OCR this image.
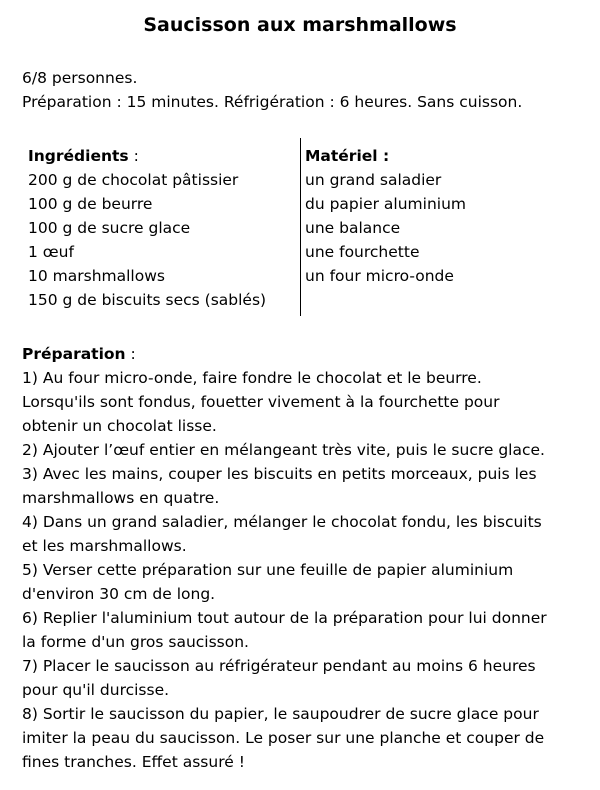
Saucisson aux marshmallows
6/8 personnes.
Préparation : 15 minutes. Réfrigération : 6 heures. Sans cuisson.
Ingrédients :
200 g de chocolat pâtissier
100 g de beurre
100 g de sucre glace
1 œuf
10 marshmallows
150 g de biscuits secs (sablés)
Matériel :
un grand saladier
du papier aluminium
une balance
une fourchette
un four micro-onde
Préparation :
1) Au four micro-onde, faire fondre le chocolat et le beurre.
Lorsqu'ils sont fondus, fouetter vivement à la fourchette pour
obtenir un chocolat lisse.
2) Ajouter l’œuf entier en mélangeant très vite, puis le sucre glace.
3) Avec les mains, couper les biscuits en petits morceaux, puis les
marshmallows en quatre.
4) Dans un grand saladier, mélanger le chocolat fondu, les biscuits
et les marshmallows.
5) Verser cette préparation sur une feuille de papier aluminium
d'environ 30 cm de long.
6) Replier l'aluminium tout autour de la préparation pour lui donner
la forme d'un gros saucisson.
7) Placer le saucisson au réfrigérateur pendant au moins 6 heures
pour qu'il durcisse.
8) Sortir le saucisson du papier, le saupoudrer de sucre glace pour
imiter la peau du saucisson. Le poser sur une planche et couper de
fines tranches. Effet assuré !
